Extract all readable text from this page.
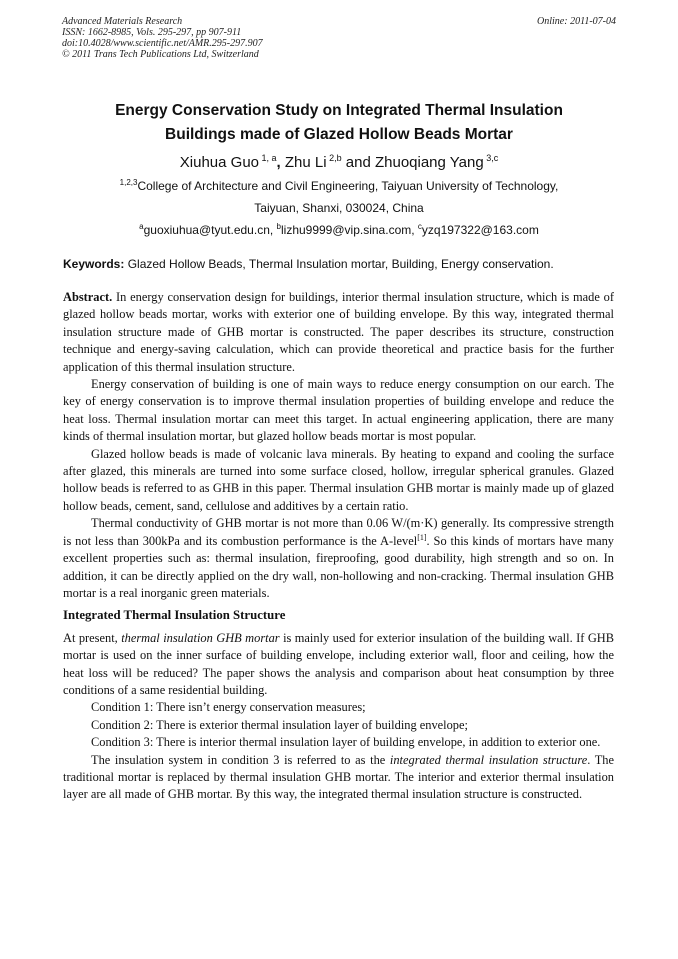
Advanced Materials Research
ISSN: 1662-8985, Vols. 295-297, pp 907-911
doi:10.4028/www.scientific.net/AMR.295-297.907
© 2011 Trans Tech Publications Ltd, Switzerland
Online: 2011-07-04
Energy Conservation Study on Integrated Thermal Insulation
Buildings made of Glazed Hollow Beads Mortar
Xiuhua Guo $^{1, a}$, Zhu Li $^{2,b}$ and Zhuoqiang Yang $^{3,c}$
$^{1,2,3}$College of Architecture and Civil Engineering, Taiyuan University of Technology,
Taiyuan, Shanxi, 030024, China
$^a$guoxiuhua@tyut.edu.cn, $^b$lizhu9999@vip.sina.com, $^c$yzq197322@163.com
Keywords: Glazed Hollow Beads, Thermal Insulation mortar, Building, Energy conservation.

Abstract. In energy conservation design for buildings, interior thermal insulation structure, which is made of glazed hollow beads mortar, works with exterior one of building envelope. By this way, integrated thermal insulation structure made of GHB mortar is constructed. The paper describes its structure, construction technique and energy-saving calculation, which can provide theoretical and practice basis for the further application of this thermal insulation structure.

Energy conservation of building is one of main ways to reduce energy consumption on our earch. The key of energy conservation is to improve thermal insulation properties of building envelope and reduce the heat loss. Thermal insulation mortar can meet this target. In actual engineering application, there are many kinds of thermal insulation mortar, but glazed hollow beads mortar is most popular.

Glazed hollow beads is made of volcanic lava minerals. By heating to expand and cooling the surface after glazed, this minerals are turned into some surface closed, hollow, irregular spherical granules. Glazed hollow beads is referred to as GHB in this paper. Thermal insulation GHB mortar is mainly made up of glazed hollow beads, cement, sand, cellulose and additives by a certain ratio.

Thermal conductivity of GHB mortar is not more than 0.06 W/(m·K) generally. Its compressive strength is not less than 300kPa and its combustion performance is the A-level[1]. So this kinds of mortars have many excellent properties such as: thermal insulation, fireproofing, good durability, high strength and so on. In addition, it can be directly applied on the dry wall, non-hollowing and non-cracking. Thermal insulation GHB mortar is a real inorganic green materials.

Integrated Thermal Insulation Structure

At present, thermal insulation GHB mortar is mainly used for exterior insulation of the building wall. If GHB mortar is used on the inner surface of building envelope, including exterior wall, floor and ceiling, how the heat loss will be reduced? The paper shows the analysis and comparison about heat consumption by three conditions of a same residential building.

Condition 1: There isn’t energy conservation measures;

Condition 2: There is exterior thermal insulation layer of building envelope;

Condition 3: There is interior thermal insulation layer of building envelope, in addition to exterior one.

The insulation system in condition 3 is referred to as the integrated thermal insulation structure. The traditional mortar is replaced by thermal insulation GHB mortar. The interior and exterior thermal insulation layer are all made of GHB mortar. By this way, the integrated thermal insulation structure is constructed.
